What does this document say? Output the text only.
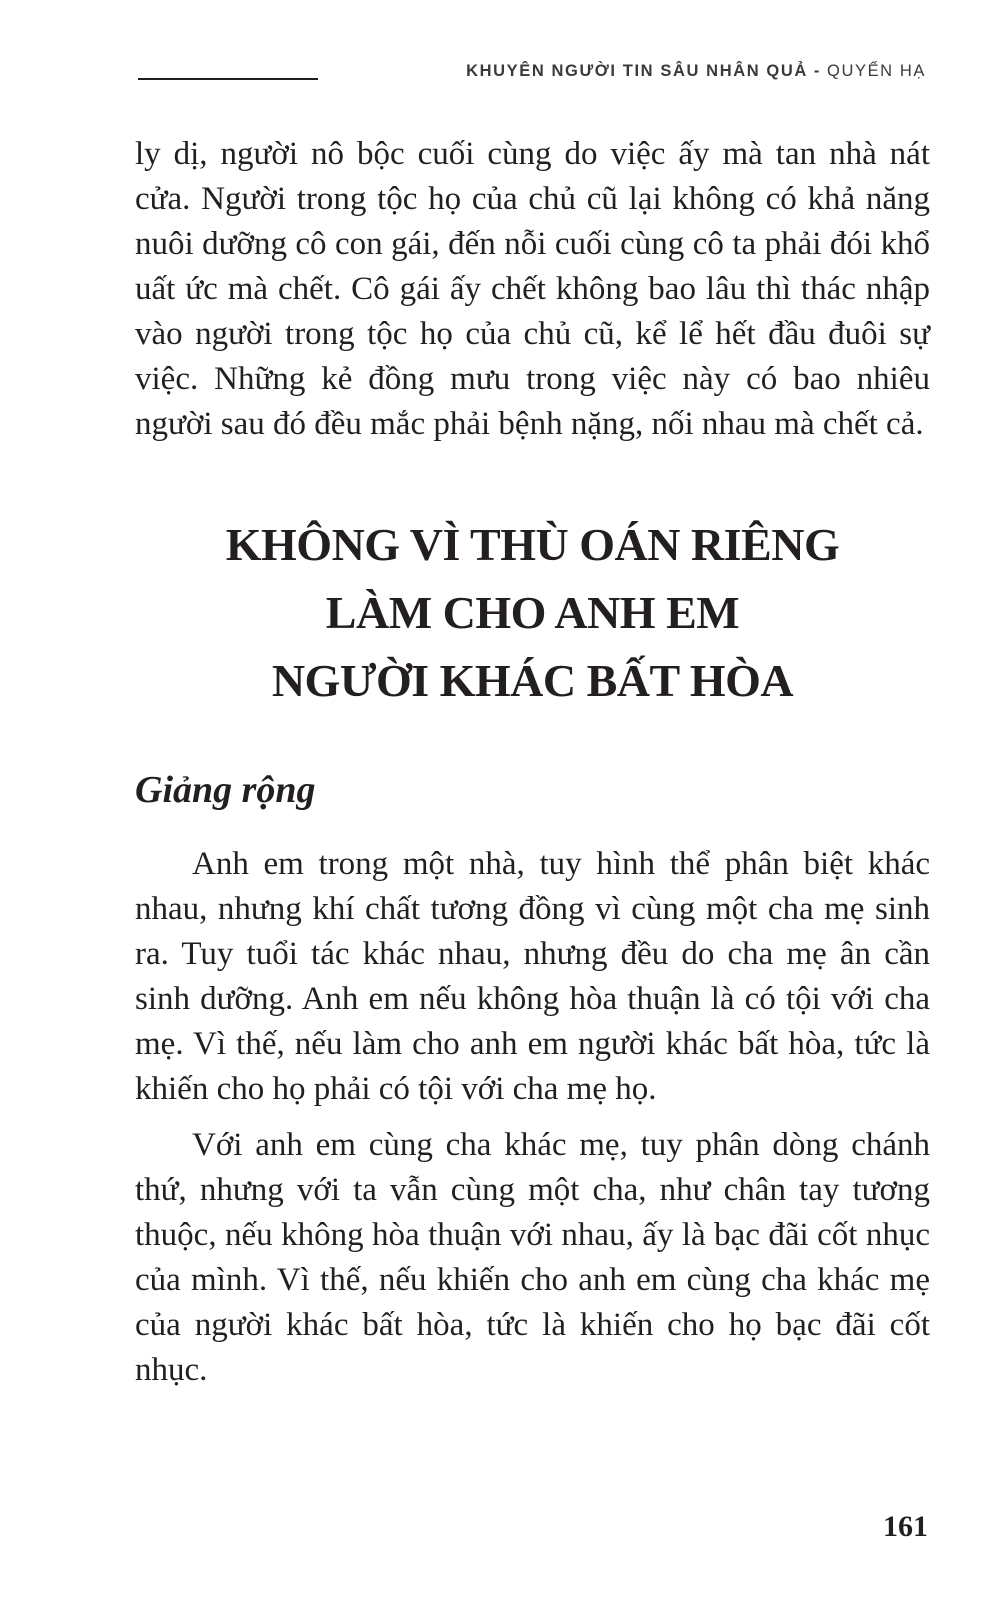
KHUYÊN NGƯỜI TIN SÂU NHÂN QUẢ - QUYỂN HẠ

ly dị, người nô bộc cuối cùng do việc ấy mà tan nhà nát cửa. Người trong tộc họ của chủ cũ lại không có khả năng nuôi dưỡng cô con gái, đến nỗi cuối cùng cô ta phải đói khổ uất ức mà chết. Cô gái ấy chết không bao lâu thì thác nhập vào người trong tộc họ của chủ cũ, kể lể hết đầu đuôi sự việc. Những kẻ đồng mưu trong việc này có bao nhiêu người sau đó đều mắc phải bệnh nặng, nối nhau mà chết cả.

KHÔNG VÌ THÙ OÁN RIÊNG
LÀM CHO ANH EM
NGƯỜI KHÁC BẤT HÒA
Giảng rộng

Anh em trong một nhà, tuy hình thể phân biệt khác nhau, nhưng khí chất tương đồng vì cùng một cha mẹ sinh ra. Tuy tuổi tác khác nhau, nhưng đều do cha mẹ ân cần sinh dưỡng. Anh em nếu không hòa thuận là có tội với cha mẹ. Vì thế, nếu làm cho anh em người khác bất hòa, tức là khiến cho họ phải có tội với cha mẹ họ.

Với anh em cùng cha khác mẹ, tuy phân dòng chánh thứ, nhưng với ta vẫn cùng một cha, như chân tay tương thuộc, nếu không hòa thuận với nhau, ấy là bạc đãi cốt nhục của mình. Vì thế, nếu khiến cho anh em cùng cha khác mẹ của người khác bất hòa, tức là khiến cho họ bạc đãi cốt nhục.

161
